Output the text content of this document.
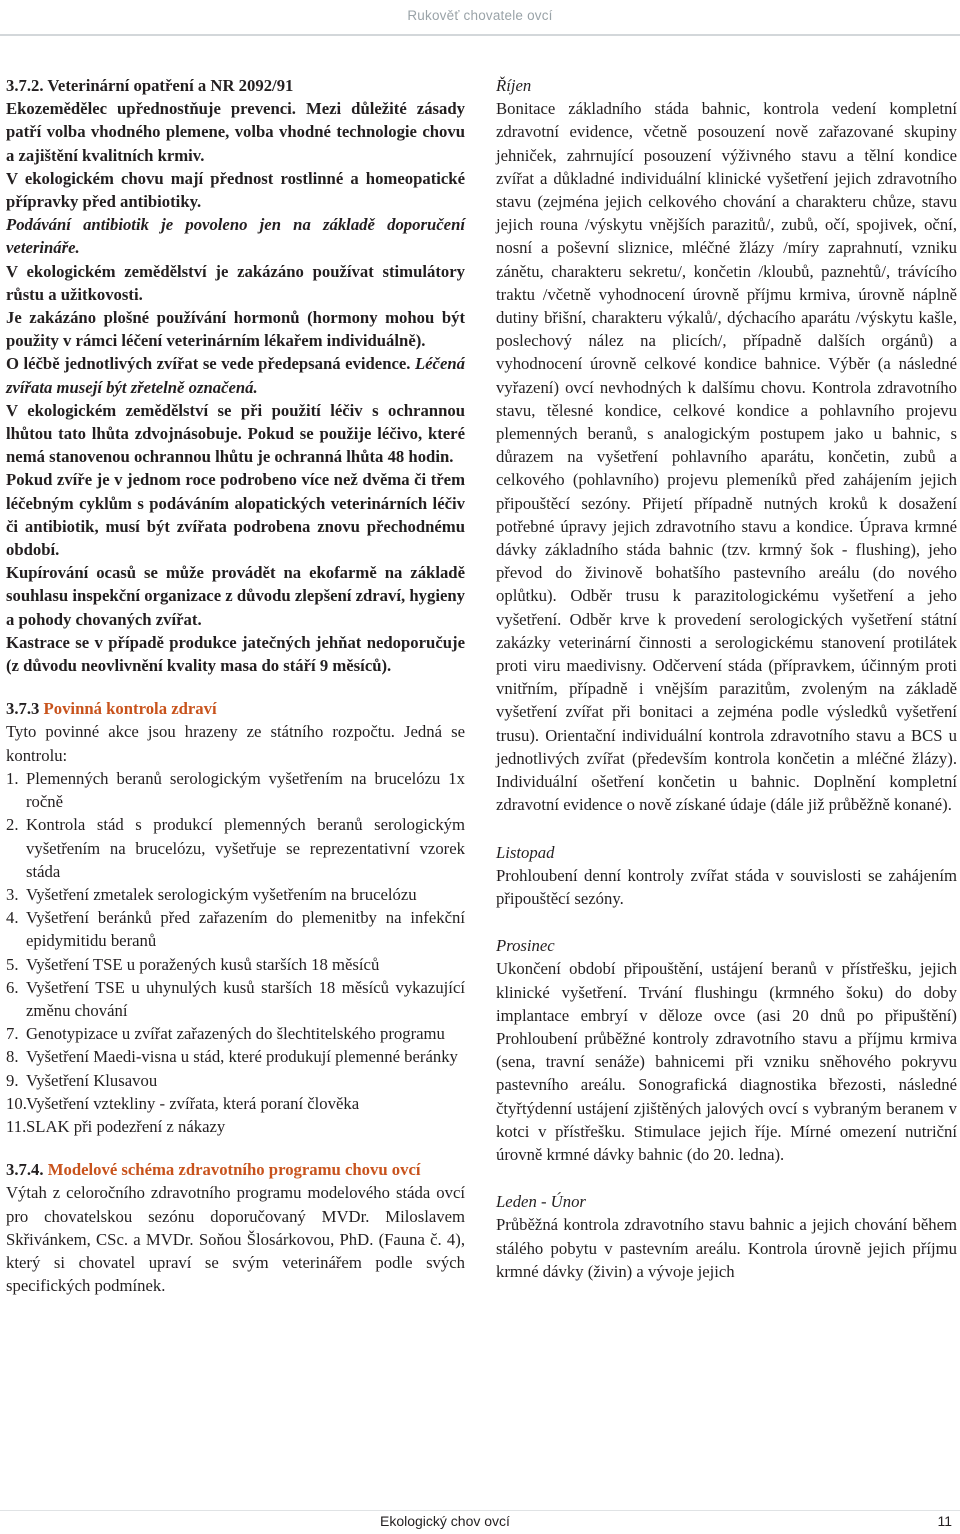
Rukověť chovatele ovcí

3.7.2. Veterinární opatření a NR 2092/91

Ekozemědělec upřednostňuje prevenci. Mezi důležité zásady patří volba vhodného plemene, volba vhodné technologie chovu a zajištění kvalitních krmiv.

V ekologickém chovu mají přednost rostlinné a homeopatické přípravky před antibiotiky.

Podávání antibiotik je povoleno jen na základě doporučení veterináře.

V ekologickém zemědělství je zakázáno používat stimulátory růstu a užitkovosti.

Je zakázáno plošné používání hormonů (hormony mohou být použity v rámci léčení veterinárním lékařem individuálně).

O léčbě jednotlivých zvířat se vede předepsaná evidence. Léčená zvířata musejí být zřetelně označená.

V ekologickém zemědělství se při použití léčiv s ochrannou lhůtou tato lhůta zdvojnásobuje. Pokud se použije léčivo, které nemá stanovenou ochrannou lhůtu je ochranná lhůta 48 hodin.

Pokud zvíře je v jednom roce podrobeno více než dvěma či třem léčebným cyklům s podáváním alopatických veterinárních léčiv či antibiotik, musí být zvířata podrobena znovu přechodnému období.

Kupírování ocasů se může provádět na ekofarmě na základě souhlasu inspekční organizace z důvodu zlepšení zdraví, hygieny a pohody chovaných zvířat.

Kastrace se v případě produkce jatečných jehňat nedoporučuje (z důvodu neovlivnění kvality masa do stáří 9 měsíců).

3.7.3 Povinná kontrola zdraví

Tyto povinné akce jsou hrazeny ze státního rozpočtu. Jedná se kontrolu:

1. Plemenných beranů serologickým vyšetřením na brucelózu 1x ročně
2. Kontrola stád s produkcí plemenných beranů serologickým vyšetřením na brucelózu, vyšetřuje se reprezentativní vzorek stáda
3. Vyšetření zmetalek serologickým vyšetřením na brucelózu
4. Vyšetření beránků před zařazením do plemenitby na infekční epidymitidu beranů
5. Vyšetření TSE u poražených kusů starších 18 měsíců
6. Vyšetření TSE u uhynulých kusů starších 18 měsíců vykazující změnu chování
7. Genotypizace u zvířat zařazených do šlechtitelského programu
8. Vyšetření Maedi-visna u stád, které produkují plemenné beránky
9. Vyšetření Klusavou
10. Vyšetření vztekliny - zvířata, která poraní člověka
11. SLAK při podezření z nákazy

3.7.4. Modelové schéma zdravotního programu chovu ovcí

Výtah z celoročního zdravotního programu modelového stáda ovcí pro chovatelskou sezónu doporučovaný MVDr. Miloslavem Skřivánkem, CSc. a MVDr. Soňou Šlosárkovou, PhD. (Fauna č. 4), který si chovatel upraví se svým veterinářem podle svých specifických podmínek.

Říjen

Bonitace základního stáda bahnic, kontrola vedení kompletní zdravotní evidence, včetně posouzení nově zařazované skupiny jehniček, zahrnující posouzení výživného stavu a tělní kondice zvířat a důkladné individuální klinické vyšetření jejich zdravotního stavu (zejména jejich celkového chování a charakteru chůze, stavu jejich rouna /výskytu vnějších parazitů/, zubů, očí, spojivek, oční, nosní a poševní sliznice, mléčné žlázy /míry zaprahnutí, vzniku zánětu, charakteru sekretu/, končetin /kloubů, paznehtů/, trávícího traktu /včetně vyhodnocení úrovně příjmu krmiva, úrovně náplně dutiny břišní, charakteru výkalů/, dýchacího aparátu /výskytu kašle, poslechový nález na plicích/, případně dalších orgánů) a vyhodnocení úrovně celkové kondice bahnice. Výběr (a následné vyřazení) ovcí nevhodných k dalšímu chovu. Kontrola zdravotního stavu, tělesné kondice, celkové kondice a pohlavního projevu plemenných beranů, s analogickým postupem jako u bahnic, s důrazem na vyšetření pohlavního aparátu, končetin, zubů a celkového (pohlavního) projevu plemeníků před zahájením jejich připouštěcí sezóny. Přijetí případně nutných kroků k dosažení potřebné úpravy jejich zdravotního stavu a kondice. Úprava krmné dávky základního stáda bahnic (tzv. krmný šok - flushing), jeho převod do živinově bohatšího pastevního areálu (do nového oplůtku). Odběr trusu k parazitologickému vyšetření a jeho vyšetření. Odběr krve k provedení serologických vyšetření státní zakázky veterinární činnosti a serologickému stanovení protilátek proti viru maedivisny. Odčervení stáda (přípravkem, účinným proti vnitřním, případně i vnějším parazitům, zvoleným na základě vyšetření zvířat při bonitaci a zejména podle výsledků vyšetření trusu). Orientační individuální kontrola zdravotního stavu a BCS u jednotlivých zvířat (především kontrola končetin a mléčné žlázy). Individuální ošetření končetin u bahnic. Doplnění kompletní zdravotní evidence o nově získané údaje (dále již průběžně konané).

Listopad

Prohloubení denní kontroly zvířat stáda v souvislosti se zahájením připouštěcí sezóny.

Prosinec

Ukončení období připouštění, ustájení beranů v přístřešku, jejich klinické vyšetření. Trvání flushingu (krmného šoku) do doby implantace embryí v děloze ovce (asi 20 dnů po připuštění) Prohloubení průběžné kontroly zdravotního stavu a příjmu krmiva (sena, travní senáže) bahnicemi při vzniku sněhového pokryvu pastevního areálu. Sonografická diagnostika březosti, následné čtyřtýdenní ustájení zjištěných jalových ovcí s vybraným beranem v kotci v přístřešku. Stimulace jejich říje. Mírné omezení nutriční úrovně krmné dávky bahnic (do 20. ledna).

Leden - Únor

Průběžná kontrola zdravotního stavu bahnic a jejich chování během stálého pobytu v pastevním areálu. Kontrola úrovně jejich příjmu krmné dávky (živin) a vývoje jejich

Ekologický chov ovcí	11
